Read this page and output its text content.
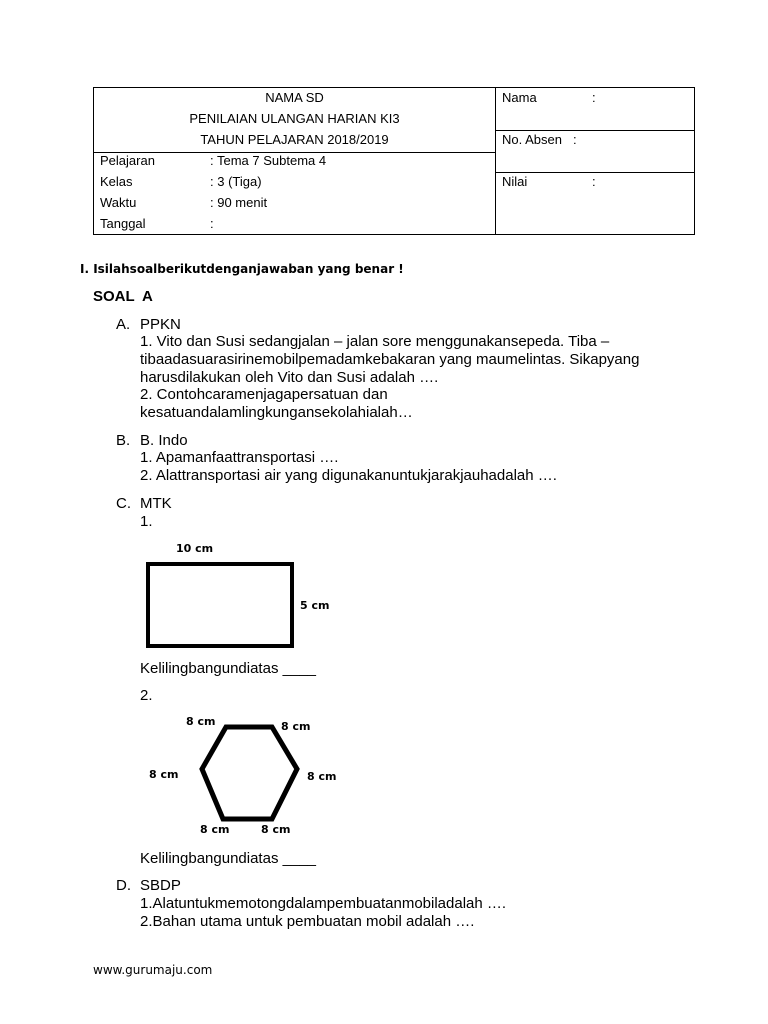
NAMA SD
PENILAIAN ULANGAN HARIAN KI3
TAHUN PELAJARAN 2018/2019
Pelajaran	: Tema 7 Subtema 4
Kelas	: 3 (Tiga)
Waktu	: 90 menit
Tanggal	:
Nama	:
No. Absen :
Nilai	:
I. Isilahsoalberikutdenganjawaban yang benar !
SOAL A
A. PPKN
1. Vito dan Susi sedangjalan – jalan sore menggunakansepeda. Tiba –
tibaadasuarasirinemobilpemadamkebakaran yang maumelintas. Sikapyang
harusdilakukan oleh Vito dan Susi adalah ….
2. Contohcaramenjagapersatuan dan
kesatuandalamlingkungansekolahialah…
B. B. Indo
1. Apamanfaattransportasi ….
2. Alattransportasi air yang digunakanuntukjarakjauhadalah ….
C. MTK
1.
10 cm
5 cm
Kelilingbangundiatas ____
2.
8 cm	8 cm
8 cm	8 cm
8 cm	8 cm
Kelilingbangundiatas ____
D. SBDP
1.Alatuntukmemotongdalampembuatanmobiladalah ….
2.Bahan utama untuk pembuatan mobil adalah ….
www.gurumaju.com
